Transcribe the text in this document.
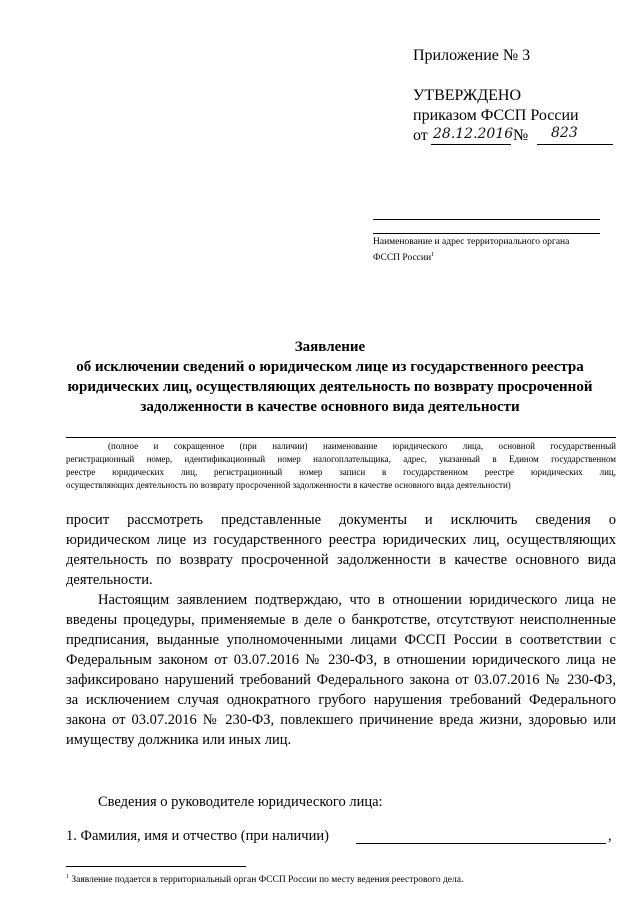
Приложение № 3
УТВЕРЖДЕНО
приказом ФССП России
от 28.12.2016 № 823
Наименование и адрес территориального органа
ФССП России$^1$
Заявление
об исключении сведений о юридическом лице из государственного реестра
юридических лиц, осуществляющих деятельность по возврату просроченной
задолженности в качестве основного вида деятельности
(полное и сокращенное (при наличии) наименование юридического лица, основной государственный
регистрационный номер, идентификационный номер налогоплательщика, адрес, указанный в Едином государственном
реестре юридических лиц, регистрационный номер записи в государственном реестре юридических лиц,
осуществляющих деятельность по возврату просроченной задолженности в качестве основного вида деятельности)
просит рассмотреть представленные документы и исключить сведения о
юридическом лице из государственного реестра юридических лиц, осуществляющих
деятельность по возврату просроченной задолженности в качестве основного вида
деятельности.
Настоящим заявлением подтверждаю, что в отношении юридического лица не
введены процедуры, применяемые в деле о банкротстве, отсутствуют неисполненные
предписания, выданные уполномоченными лицами ФССП России в соответствии с
Федеральным законом от 03.07.2016 № 230-ФЗ, в отношении юридического лица не
зафиксировано нарушений требований Федерального закона от 03.07.2016 № 230-ФЗ,
за исключением случая однократного грубого нарушения требований Федерального
закона от 03.07.2016 № 230-ФЗ, повлекшего причинение вреда жизни, здоровью или
имуществу должника или иных лиц.
Сведения о руководителе юридического лица:
1. Фамилия, имя и отчество (при наличии)	,
$^1$ Заявление подается в территориальный орган ФССП России по месту ведения реестрового дела.
